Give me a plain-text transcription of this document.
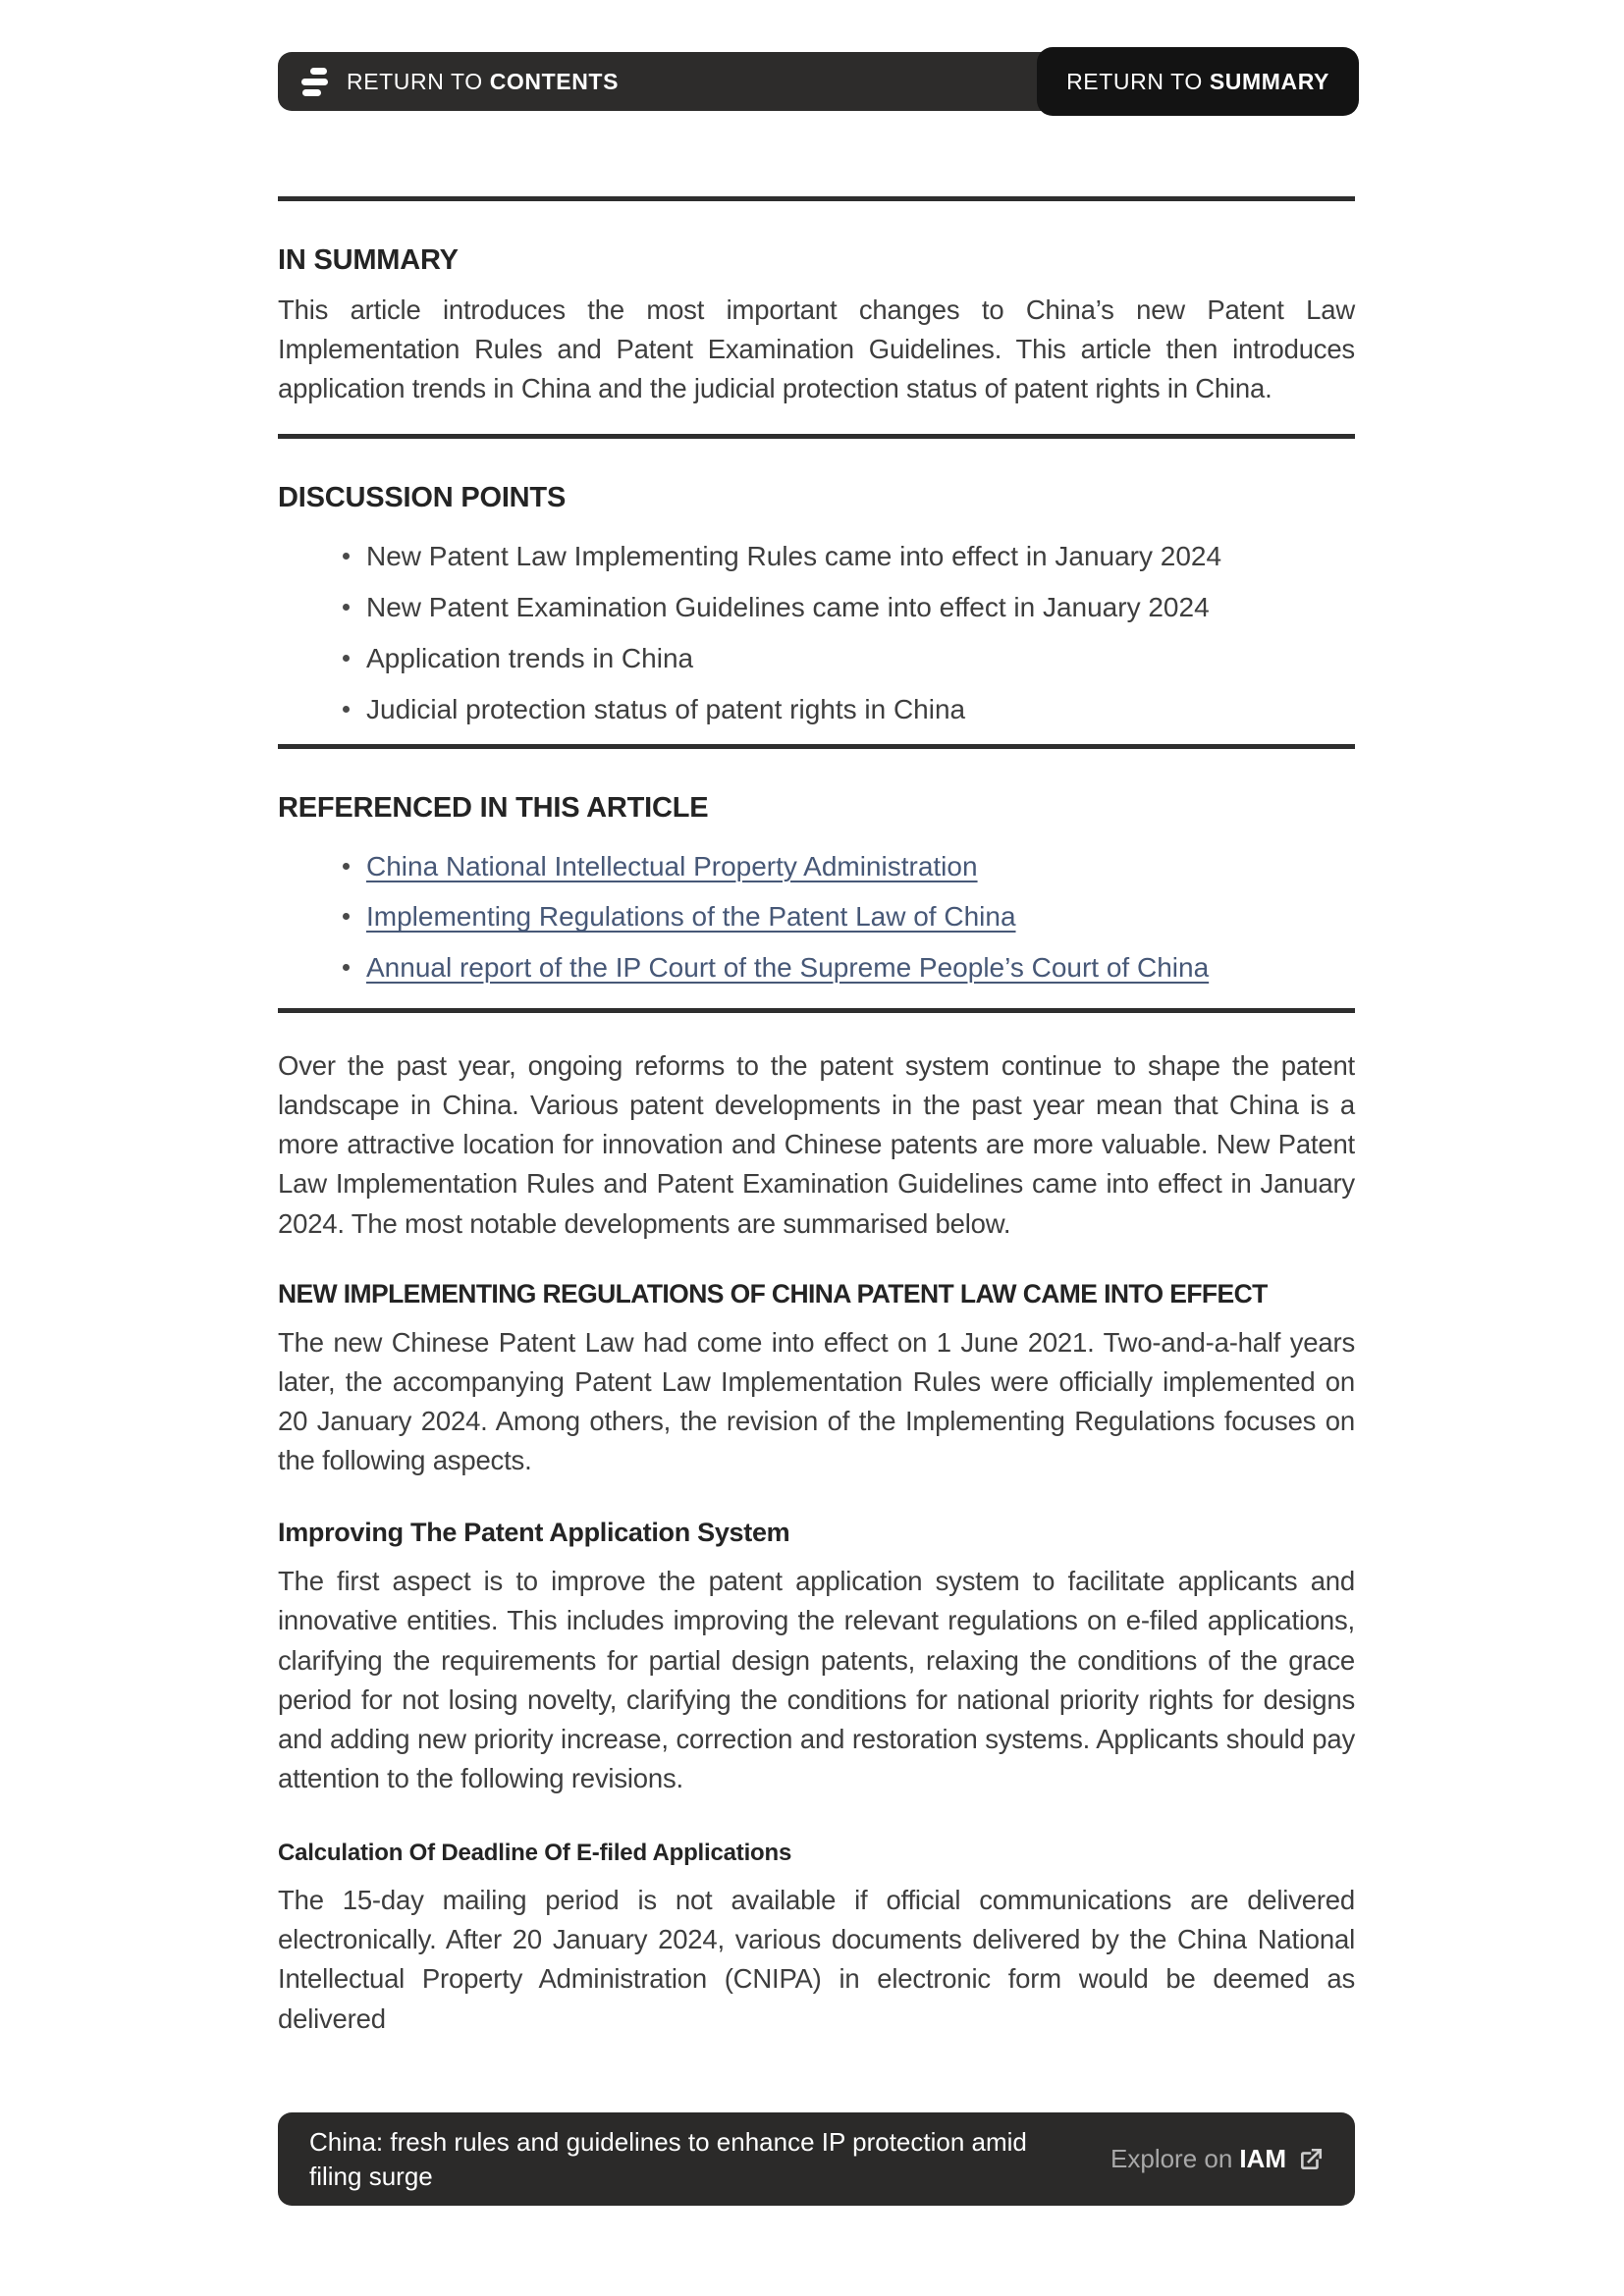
RETURN TO CONTENTS	RETURN TO SUMMARY
IN SUMMARY

This article introduces the most important changes to China’s new Patent Law Implementation Rules and Patent Examination Guidelines. This article then introduces application trends in China and the judicial protection status of patent rights in China.

DISCUSSION POINTS
New Patent Law Implementing Rules came into effect in January 2024
New Patent Examination Guidelines came into effect in January 2024
Application trends in China
Judicial protection status of patent rights in China
REFERENCED IN THIS ARTICLE
China National Intellectual Property Administration
Implementing Regulations of the Patent Law of China
Annual report of the IP Court of the Supreme People’s Court of China

Over the past year, ongoing reforms to the patent system continue to shape the patent landscape in China. Various patent developments in the past year mean that China is a more attractive location for innovation and Chinese patents are more valuable. New Patent Law Implementation Rules and Patent Examination Guidelines came into effect in January 2024. The most notable developments are summarised below.

NEW IMPLEMENTING REGULATIONS OF CHINA PATENT LAW CAME INTO EFFECT

The new Chinese Patent Law had come into effect on 1 June 2021. Two-and-a-half years later, the accompanying Patent Law Implementation Rules were officially implemented on 20 January 2024. Among others, the revision of the Implementing Regulations focuses on the following aspects.

Improving The Patent Application System

The first aspect is to improve the patent application system to facilitate applicants and innovative entities. This includes improving the relevant regulations on e-filed applications, clarifying the requirements for partial design patents, relaxing the conditions of the grace period for not losing novelty, clarifying the conditions for national priority rights for designs and adding new priority increase, correction and restoration systems. Applicants should pay attention to the following revisions.

Calculation Of Deadline Of E-filed Applications

The 15-day mailing period is not available if official communications are delivered electronically. After 20 January 2024, various documents delivered by the China National Intellectual Property Administration (CNIPA) in electronic form would be deemed as delivered

China: fresh rules and guidelines to enhance IP protection amid filing surge
Explore on IAM
